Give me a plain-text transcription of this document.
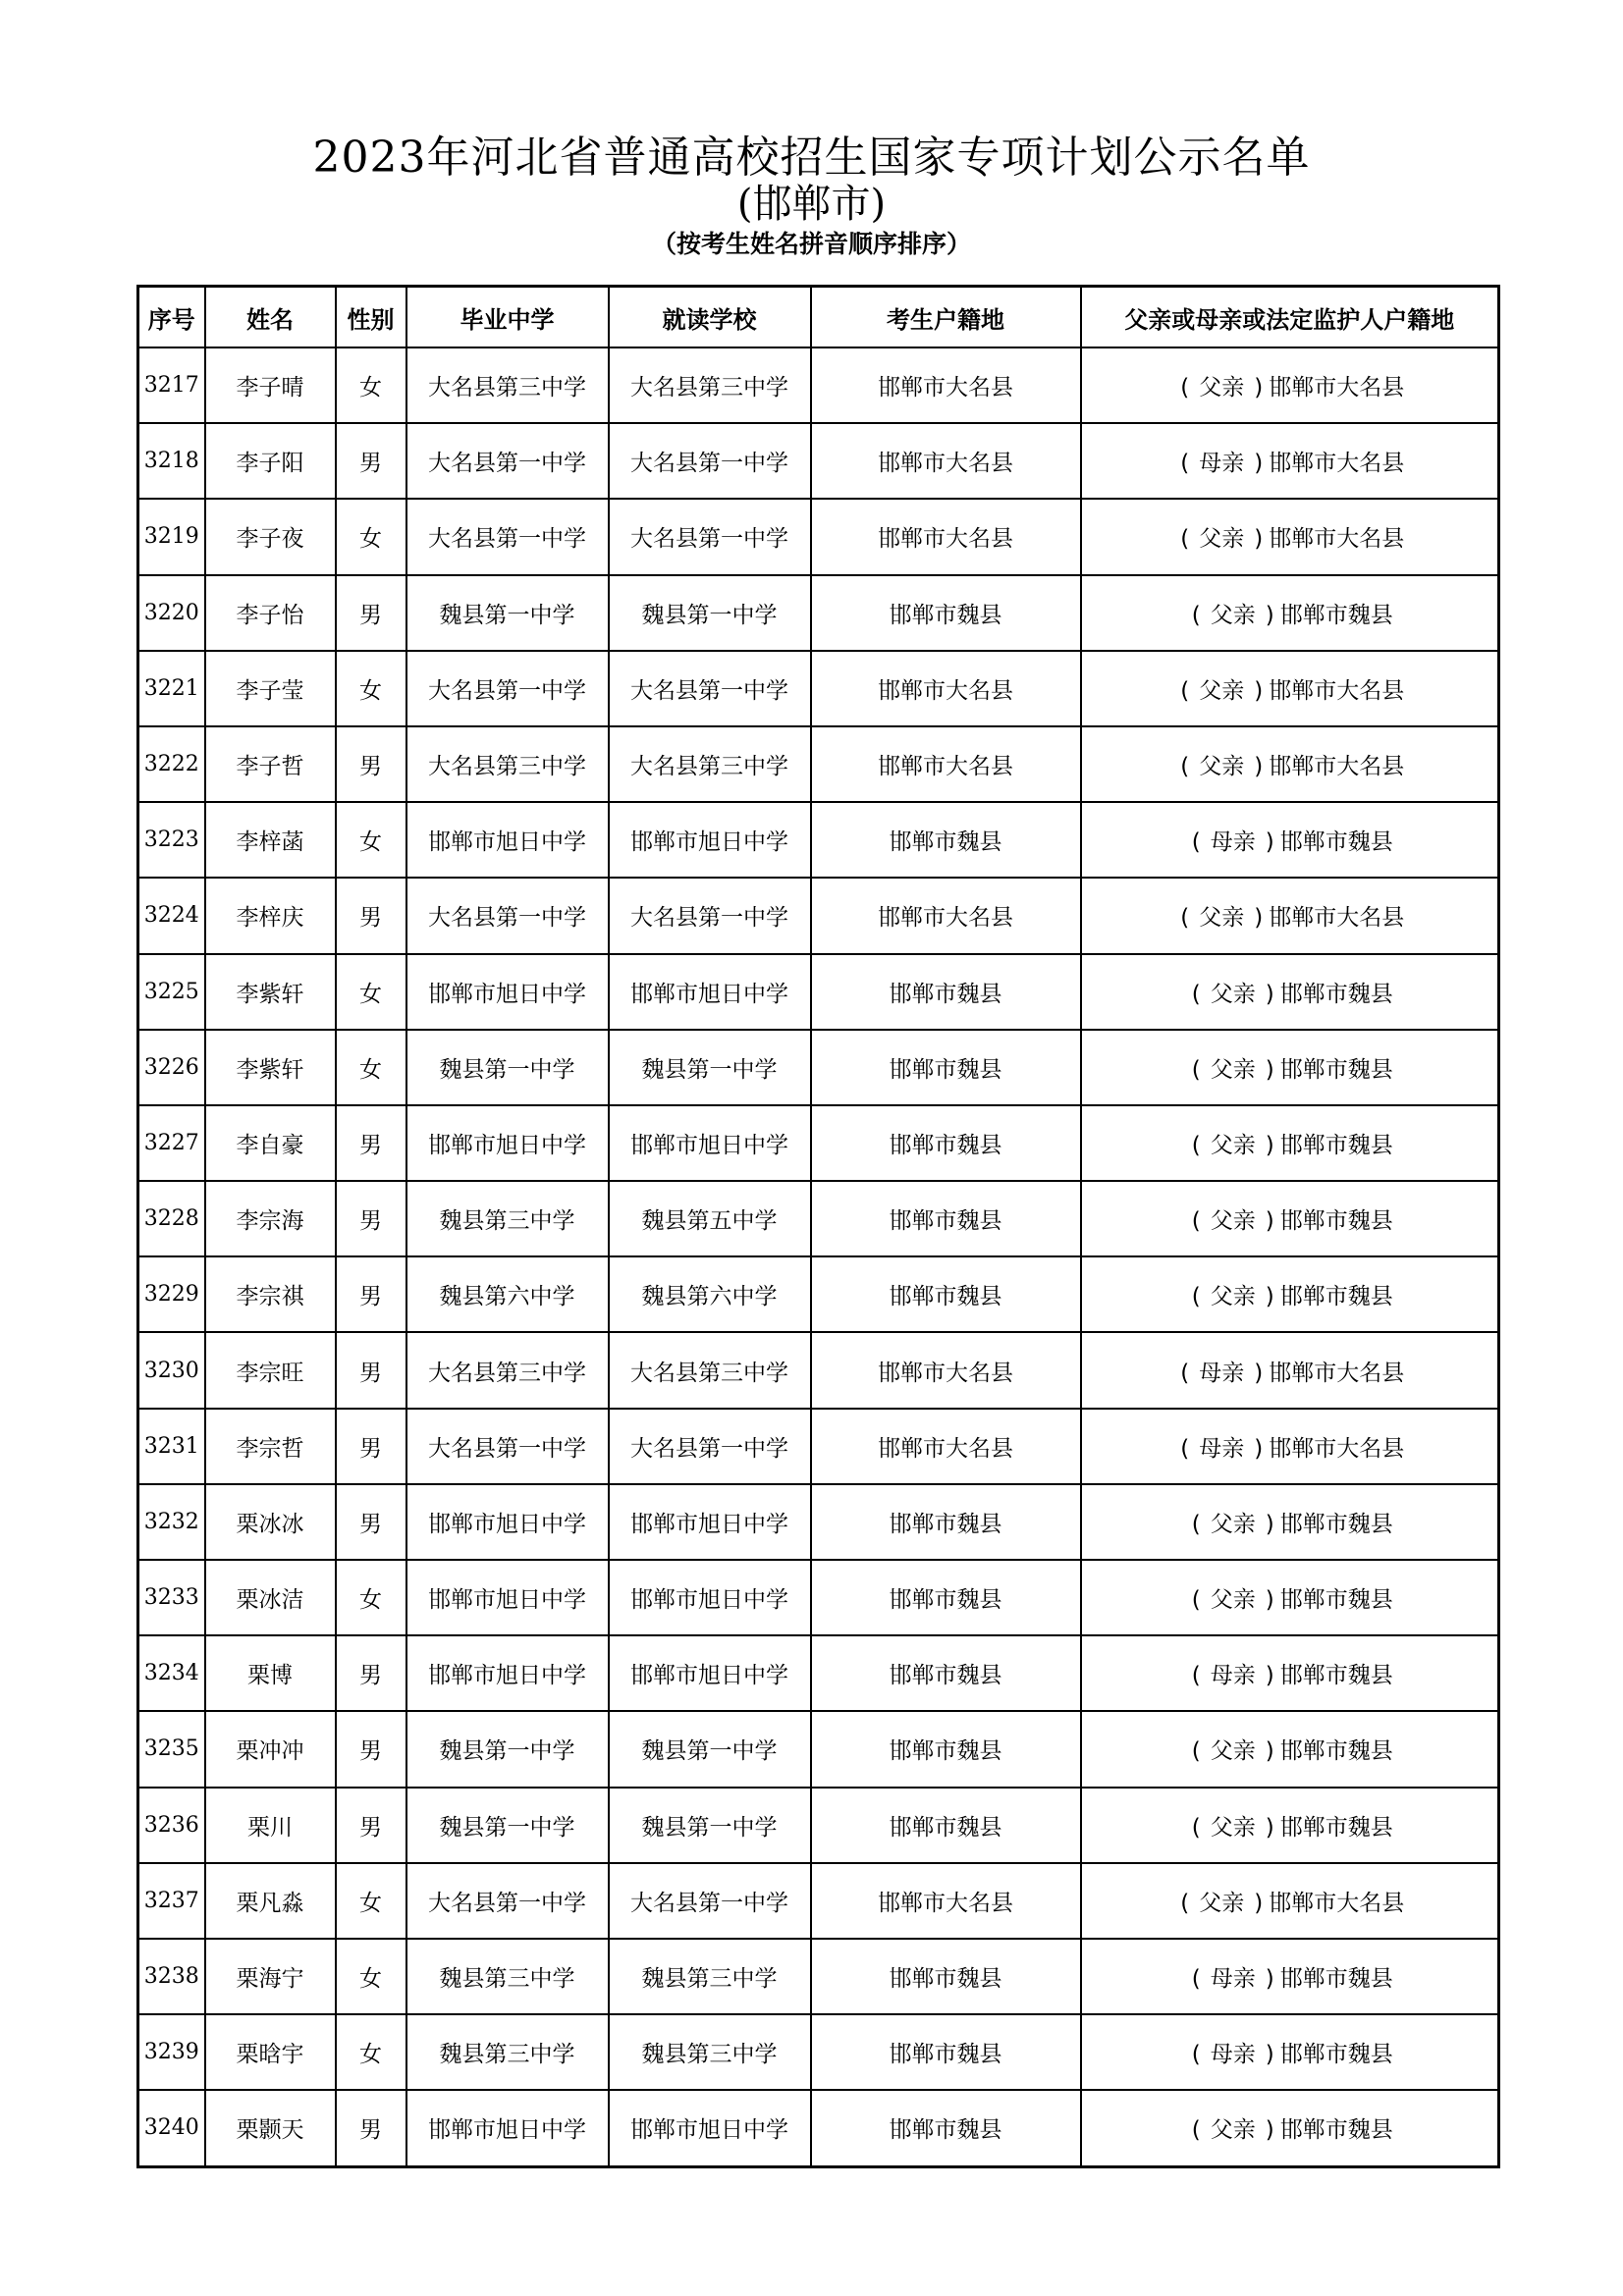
2023年河北省普通高校招生国家专项计划公示名单
(邯郸市)
（按考生姓名拼音顺序排序）
序号	姓名	性别	毕业中学	就读学校	考生户籍地	父亲或母亲或法定监护人户籍地
3217	李子晴	女	大名县第三中学	大名县第三中学	邯郸市大名县	( 父亲 ) 邯郸市大名县
3218	李子阳	男	大名县第一中学	大名县第一中学	邯郸市大名县	( 母亲 ) 邯郸市大名县
3219	李子夜	女	大名县第一中学	大名县第一中学	邯郸市大名县	( 父亲 ) 邯郸市大名县
3220	李子怡	男	魏县第一中学	魏县第一中学	邯郸市魏县	( 父亲 ) 邯郸市魏县
3221	李子莹	女	大名县第一中学	大名县第一中学	邯郸市大名县	( 父亲 ) 邯郸市大名县
3222	李子哲	男	大名县第三中学	大名县第三中学	邯郸市大名县	( 父亲 ) 邯郸市大名县
3223	李梓菡	女	邯郸市旭日中学	邯郸市旭日中学	邯郸市魏县	( 母亲 ) 邯郸市魏县
3224	李梓庆	男	大名县第一中学	大名县第一中学	邯郸市大名县	( 父亲 ) 邯郸市大名县
3225	李紫轩	女	邯郸市旭日中学	邯郸市旭日中学	邯郸市魏县	( 父亲 ) 邯郸市魏县
3226	李紫轩	女	魏县第一中学	魏县第一中学	邯郸市魏县	( 父亲 ) 邯郸市魏县
3227	李自豪	男	邯郸市旭日中学	邯郸市旭日中学	邯郸市魏县	( 父亲 ) 邯郸市魏县
3228	李宗海	男	魏县第三中学	魏县第五中学	邯郸市魏县	( 父亲 ) 邯郸市魏县
3229	李宗祺	男	魏县第六中学	魏县第六中学	邯郸市魏县	( 父亲 ) 邯郸市魏县
3230	李宗旺	男	大名县第三中学	大名县第三中学	邯郸市大名县	( 母亲 ) 邯郸市大名县
3231	李宗哲	男	大名县第一中学	大名县第一中学	邯郸市大名县	( 母亲 ) 邯郸市大名县
3232	栗冰冰	男	邯郸市旭日中学	邯郸市旭日中学	邯郸市魏县	( 父亲 ) 邯郸市魏县
3233	栗冰洁	女	邯郸市旭日中学	邯郸市旭日中学	邯郸市魏县	( 父亲 ) 邯郸市魏县
3234	栗博	男	邯郸市旭日中学	邯郸市旭日中学	邯郸市魏县	( 母亲 ) 邯郸市魏县
3235	栗冲冲	男	魏县第一中学	魏县第一中学	邯郸市魏县	( 父亲 ) 邯郸市魏县
3236	栗川	男	魏县第一中学	魏县第一中学	邯郸市魏县	( 父亲 ) 邯郸市魏县
3237	栗凡淼	女	大名县第一中学	大名县第一中学	邯郸市大名县	( 父亲 ) 邯郸市大名县
3238	栗海宁	女	魏县第三中学	魏县第三中学	邯郸市魏县	( 母亲 ) 邯郸市魏县
3239	栗晗宇	女	魏县第三中学	魏县第三中学	邯郸市魏县	( 母亲 ) 邯郸市魏县
3240	栗颢天	男	邯郸市旭日中学	邯郸市旭日中学	邯郸市魏县	( 父亲 ) 邯郸市魏县
